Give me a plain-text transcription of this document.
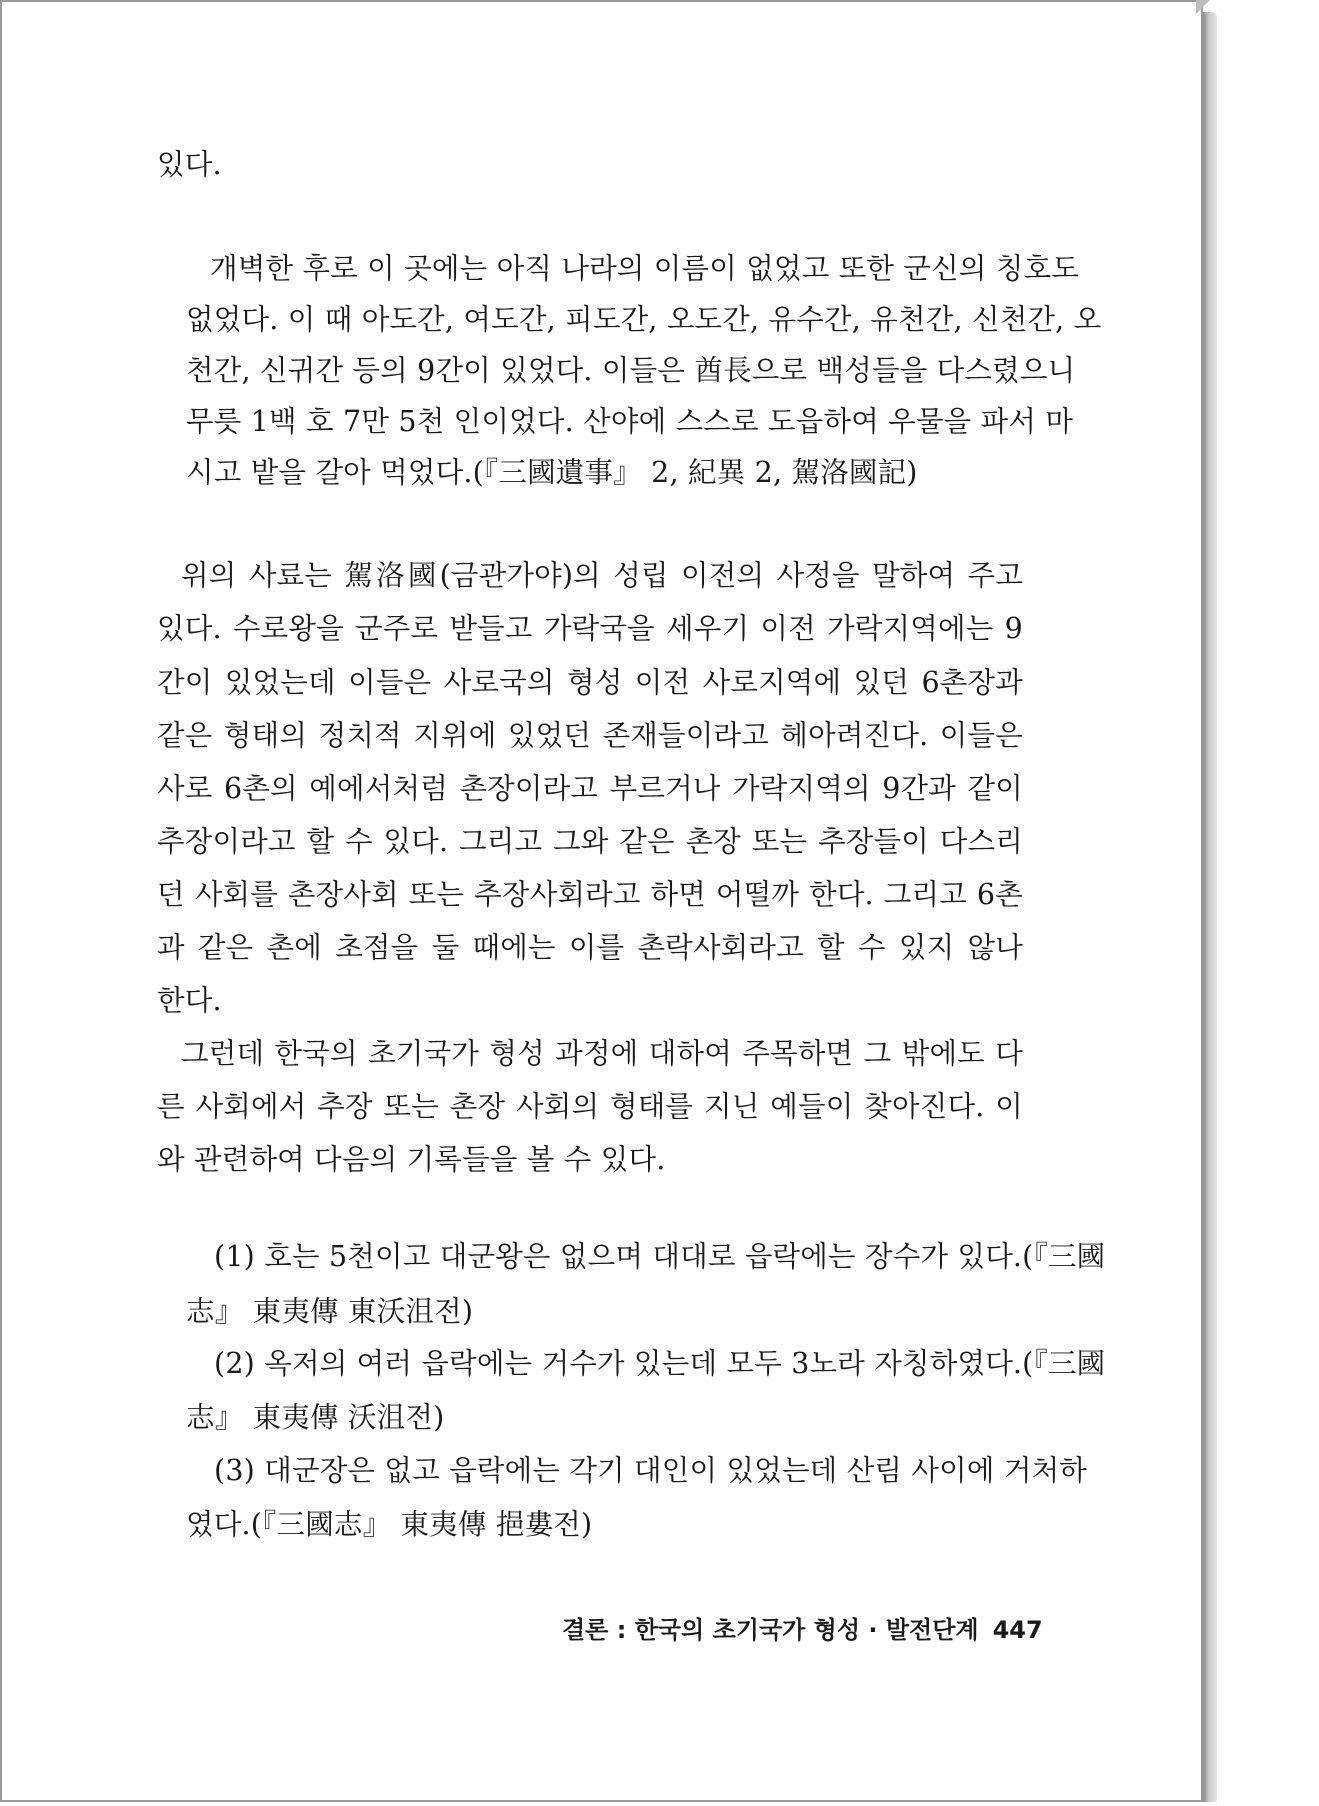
있다.
개벽한 후로 이 곳에는 아직 나라의 이름이 없었고 또한 군신의 칭호도
없었다. 이 때 아도간, 여도간, 피도간, 오도간, 유수간, 유천간, 신천간, 오
천간, 신귀간 등의 9간이 있었다. 이들은 酋長으로 백성들을 다스렸으니
무릇 1백 호 7만 5천 인이었다. 산야에 스스로 도읍하여 우물을 파서 마
시고 밭을 갈아 먹었다.(『三國遺事』 2, 紀異 2, 駕洛國記)
위의 사료는 駕洛國(금관가야)의 성립 이전의 사정을 말하여 주고
있다. 수로왕을 군주로 받들고 가락국을 세우기 이전 가락지역에는 9
간이 있었는데 이들은 사로국의 형성 이전 사로지역에 있던 6촌장과
같은 형태의 정치적 지위에 있었던 존재들이라고 헤아려진다. 이들은
사로 6촌의 예에서처럼 촌장이라고 부르거나 가락지역의 9간과 같이
추장이라고 할 수 있다. 그리고 그와 같은 촌장 또는 추장들이 다스리
던 사회를 촌장사회 또는 추장사회라고 하면 어떨까 한다. 그리고 6촌
과 같은 촌에 초점을 둘 때에는 이를 촌락사회라고 할 수 있지 않나
한다.
그런데 한국의 초기국가 형성 과정에 대하여 주목하면 그 밖에도 다
른 사회에서 추장 또는 촌장 사회의 형태를 지닌 예들이 찾아진다. 이
와 관련하여 다음의 기록들을 볼 수 있다.
(1) 호는 5천이고 대군왕은 없으며 대대로 읍락에는 장수가 있다.(『三國
志』 東夷傳 東沃沮전)
(2) 옥저의 여러 읍락에는 거수가 있는데 모두 3노라 자칭하였다.(『三國
志』 東夷傳 沃沮전)
(3) 대군장은 없고 읍락에는 각기 대인이 있었는데 산림 사이에 거처하
였다.(『三國志』 東夷傳 挹婁전)
결론 : 한국의 초기국가 형성 · 발전단계 447
